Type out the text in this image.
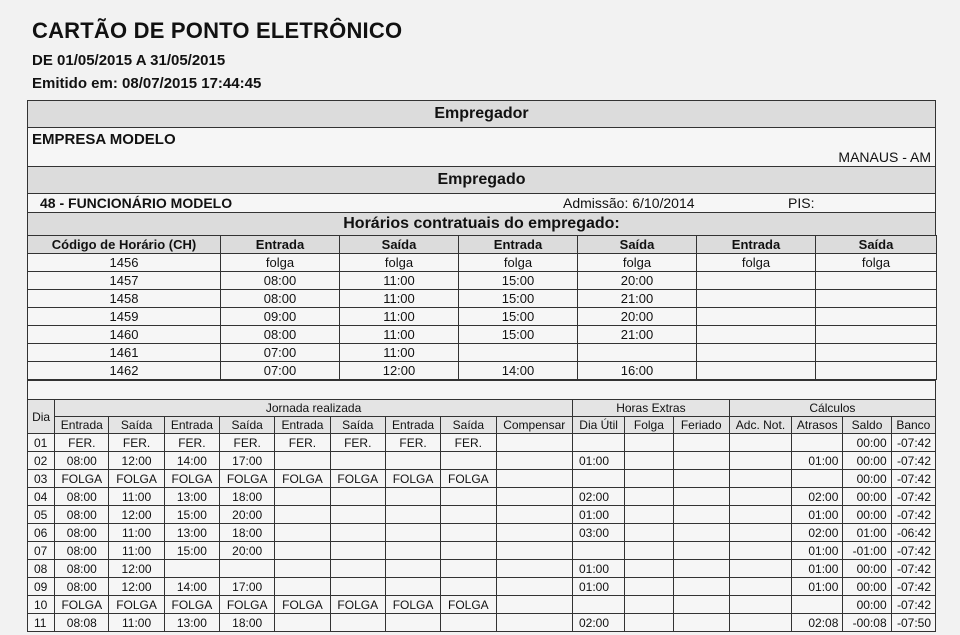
CARTÃO DE PONTO ELETRÔNICO
DE 01/05/2015 A 31/05/2015
Emitido em: 08/07/2015 17:44:45
Empregador
EMPRESA MODELO
MANAUS - AM
Empregado
48 - FUNCIONÁRIO MODELO	Admissão: 6/10/2014	PIS:
Horários contratuais do empregado:
Código de Horário (CH)	Entrada	Saída	Entrada	Saída	Entrada	Saída
1456	folga	folga	folga	folga	folga	folga
1457	08:00	11:00	15:00	20:00		
1458	08:00	11:00	15:00	21:00		
1459	09:00	11:00	15:00	20:00		
1460	08:00	11:00	15:00	21:00		
1461	07:00	11:00				
1462	07:00	12:00	14:00	16:00		
Dia	Jornada realizada									Horas Extras			Cálculos			
	Entrada	Saída	Entrada	Saída	Entrada	Saída	Entrada	Saída	Compensar	Dia Útil	Folga	Feriado	Adc. Not.	Atrasos	Saldo	Banco
01	FER.	FER.	FER.	FER.	FER.	FER.	FER.	FER.							00:00	-07:42
02	08:00	12:00	14:00	17:00						01:00				01:00	00:00	-07:42
03	FOLGA	FOLGA	FOLGA	FOLGA	FOLGA	FOLGA	FOLGA	FOLGA							00:00	-07:42
04	08:00	11:00	13:00	18:00						02:00				02:00	00:00	-07:42
05	08:00	12:00	15:00	20:00						01:00				01:00	00:00	-07:42
06	08:00	11:00	13:00	18:00						03:00				02:00	01:00	-06:42
07	08:00	11:00	15:00	20:00										01:00	-01:00	-07:42
08	08:00	12:00								01:00				01:00	00:00	-07:42
09	08:00	12:00	14:00	17:00						01:00				01:00	00:00	-07:42
10	FOLGA	FOLGA	FOLGA	FOLGA	FOLGA	FOLGA	FOLGA	FOLGA							00:00	-07:42
11	08:08	11:00	13:00	18:00						02:00				02:08	-00:08	-07:50
